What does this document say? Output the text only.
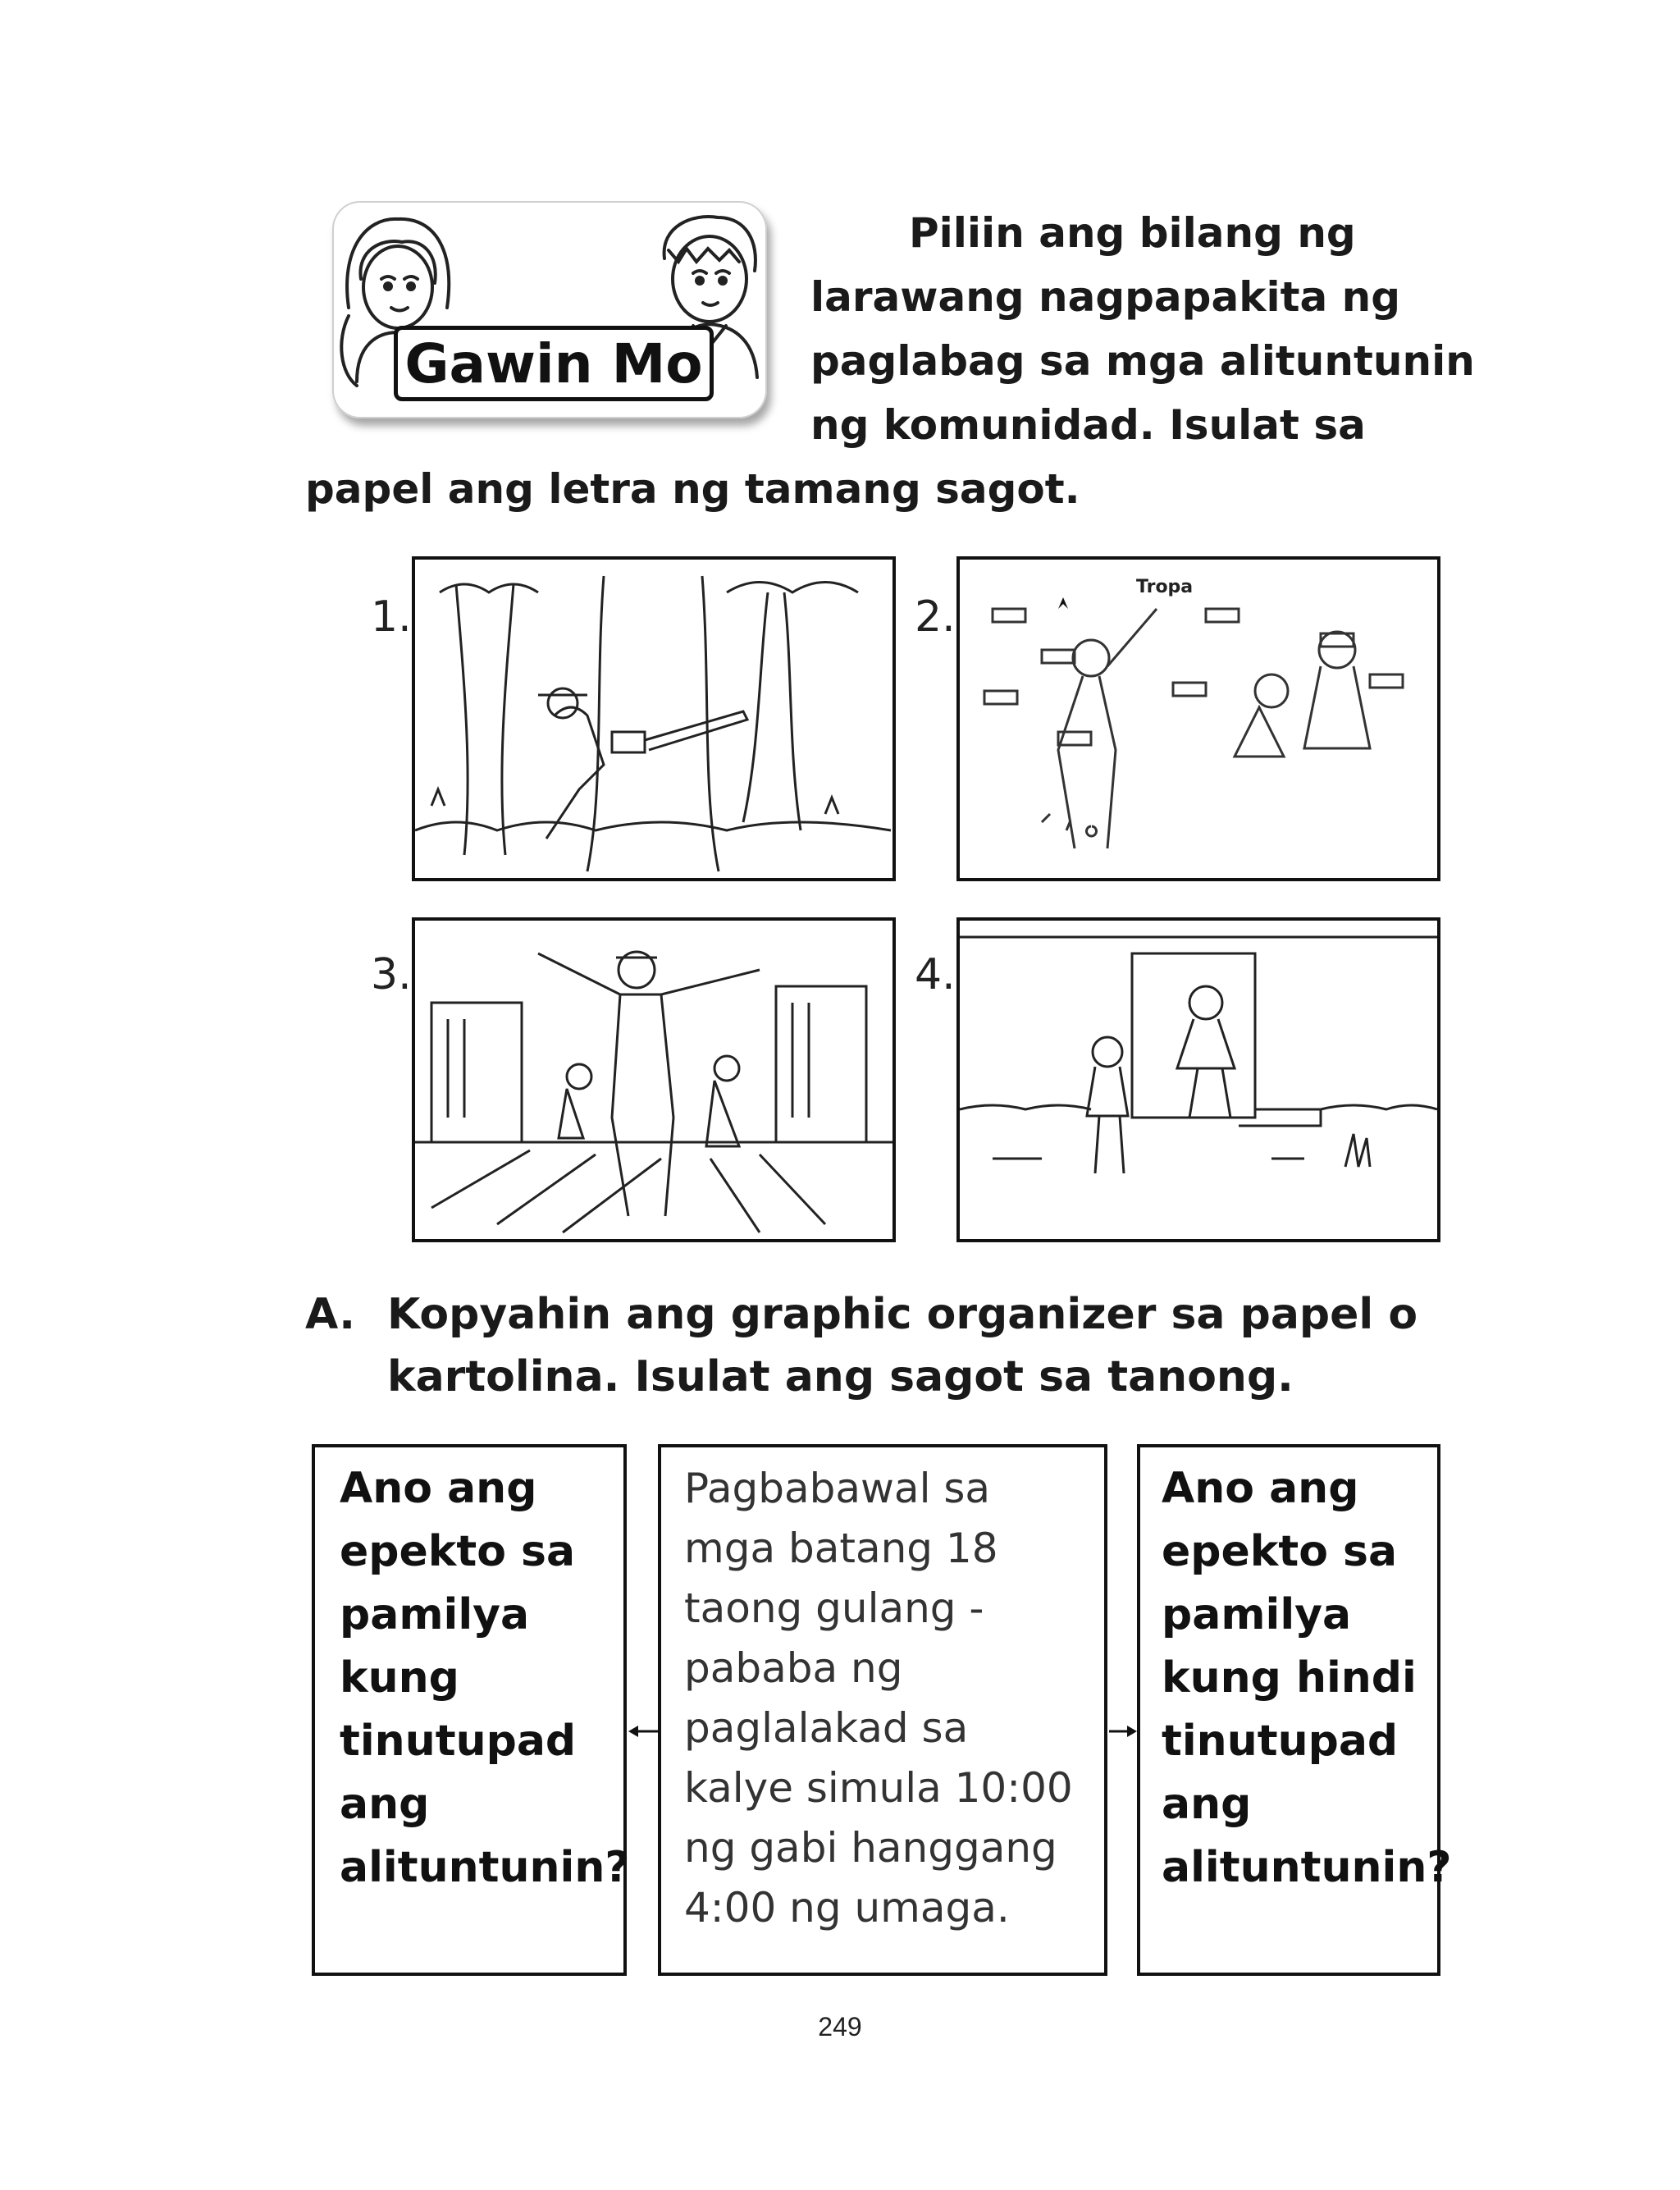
Gawin Mo
Piliin ang bilang ng
larawang nagpapakita ng
paglabag sa mga alituntunin
ng komunidad. Isulat sa
papel ang letra ng tamang sagot.
1.	2.
Tropa
3.	4.
A. Kopyahin ang graphic organizer sa papel o
kartolina. Isulat ang sagot sa tanong.
Ano ang
epekto sa
pamilya
kung
tinutupad
ang
alituntunin?
Pagbabawal sa
mga batang 18
taong gulang -
pababa ng
paglalakad sa
kalye simula 10:00
ng gabi hanggang
4:00 ng umaga.
Ano ang
epekto sa
pamilya
kung hindi
tinutupad
ang
alituntunin?
249
